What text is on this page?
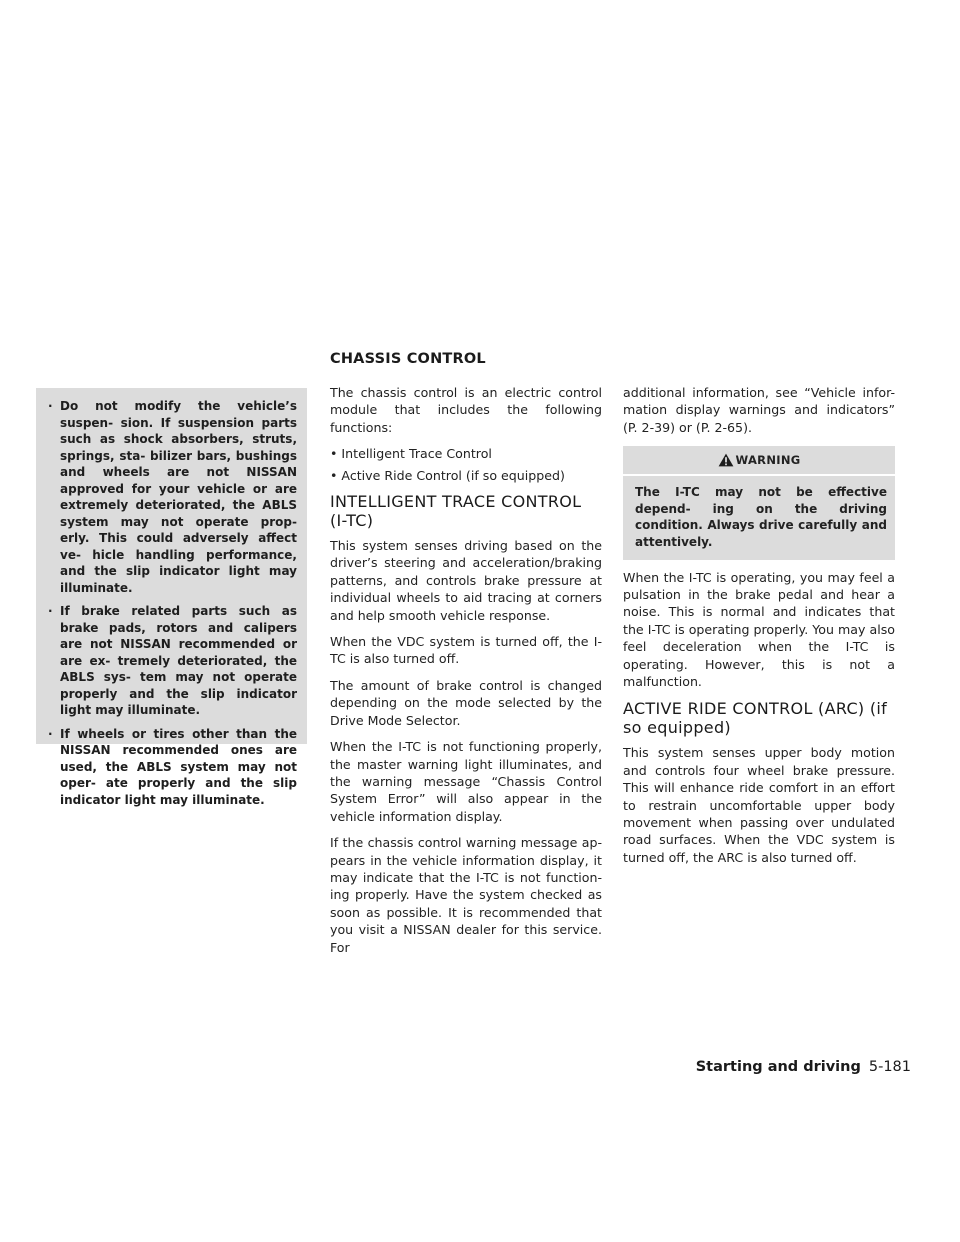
CHASSIS CONTROL
· Do not modify the vehicle’s suspen- sion. If suspension parts such as shock absorbers, struts, springs, sta- bilizer bars, bushings and wheels are not NISSAN approved for your vehicle or are extremely deteriorated, the ABLS system may not operate prop- erly. This could adversely affect ve- hicle handling performance, and the slip indicator light may illuminate.
· If brake related parts such as brake pads, rotors and calipers are not NISSAN recommended or are ex- tremely deteriorated, the ABLS sys- tem may not operate properly and the slip indicator light may illuminate.
· If wheels or tires other than the NISSAN recommended ones are used, the ABLS system may not oper- ate properly and the slip indicator light may illuminate.

The chassis control is an electric control module that includes the following functions:

• Intelligent Trace Control
• Active Ride Control (if so equipped)
INTELLIGENT TRACE CONTROL (I-TC)

This system senses driving based on the driver’s steering and acceleration/braking patterns, and controls brake pressure at individual wheels to aid tracing at corners and help smooth vehicle response.

When the VDC system is turned off, the I-TC is also turned off.

The amount of brake control is changed depending on the mode selected by the Drive Mode Selector.

When the I-TC is not functioning properly, the master warning light illuminates, and the warning message “Chassis Control System Error” will also appear in the vehicle information display.

If the chassis control warning message ap- pears in the vehicle information display, it may indicate that the I-TC is not function- ing properly. Have the system checked as soon as possible. It is recommended that you visit a NISSAN dealer for this service. For

additional information, see “Vehicle infor- mation display warnings and indicators” (P. 2-39) or (P. 2-65).

WARNING
The I-TC may not be effective depend- ing on the driving condition. Always drive carefully and attentively.

When the I-TC is operating, you may feel a pulsation in the brake pedal and hear a noise. This is normal and indicates that the I-TC is operating properly. You may also feel deceleration when the I-TC is operating. However, this is not a malfunction.

ACTIVE RIDE CONTROL (ARC) (if so equipped)

This system senses upper body motion and controls four wheel brake pressure. This will enhance ride comfort in an effort to restrain uncomfortable upper body movement when passing over undulated road surfaces. When the VDC system is turned off, the ARC is also turned off.

Starting and driving 5-181
